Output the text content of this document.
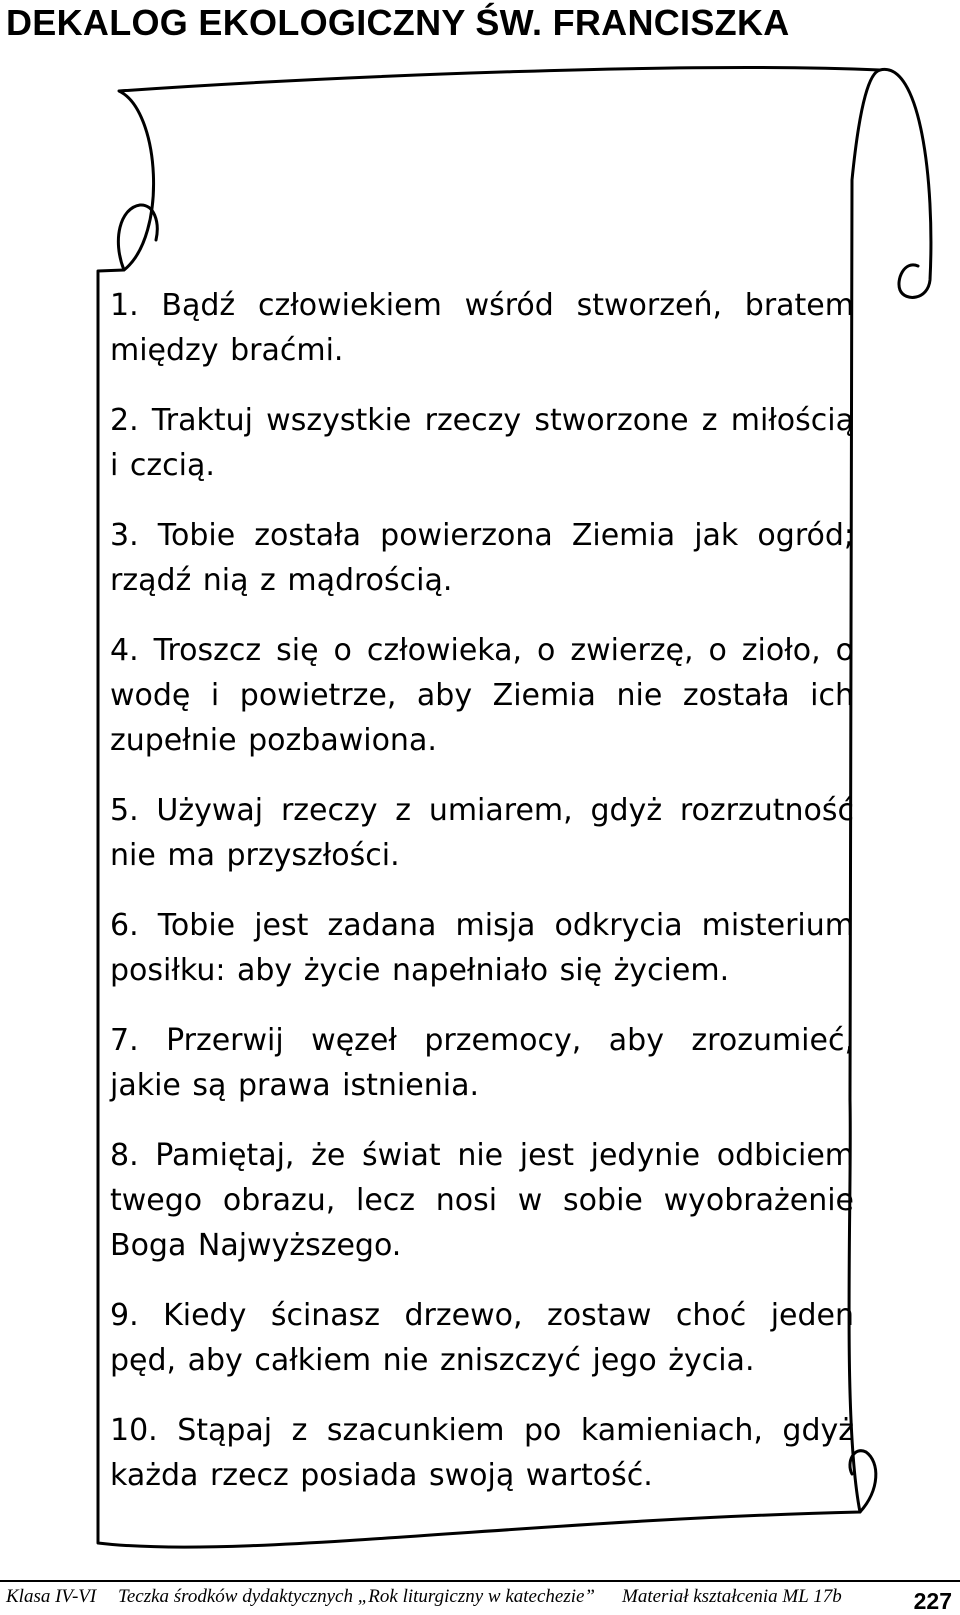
DEKALOG EKOLOGICZNY ŚW. FRANCISZKA
1. Bądź człowiekiem wśród stworzeń, bratem między braćmi.
2. Traktuj wszystkie rzeczy stworzone z miłością i czcią.
3. Tobie została powierzona Ziemia jak ogród; rządź nią z mądrością.
4. Troszcz się o człowieka, o zwierzę, o zioło, o wodę i powietrze, aby Ziemia nie została ich zupełnie pozbawiona.
5. Używaj rzeczy z umiarem, gdyż rozrzutność nie ma przyszłości.
6. Tobie jest zadana misja odkrycia misterium posiłku: aby życie napełniało się życiem.
7. Przerwij węzeł przemocy, aby zrozumieć, jakie są prawa istnienia.
8. Pamiętaj, że świat nie jest jedynie odbiciem twego obrazu, lecz nosi w sobie wyobrażenie Boga Najwyższego.
9. Kiedy ścinasz drzewo, zostaw choć jeden pęd, aby całkiem nie zniszczyć jego życia.
10. Stąpaj z szacunkiem po kamieniach, gdyż każda rzecz posiada swoją wartość.
Klasa IV-VI Teczka środków dydaktycznych „Rok liturgiczny w katechezie” Materiał kształcenia ML 17b	227
